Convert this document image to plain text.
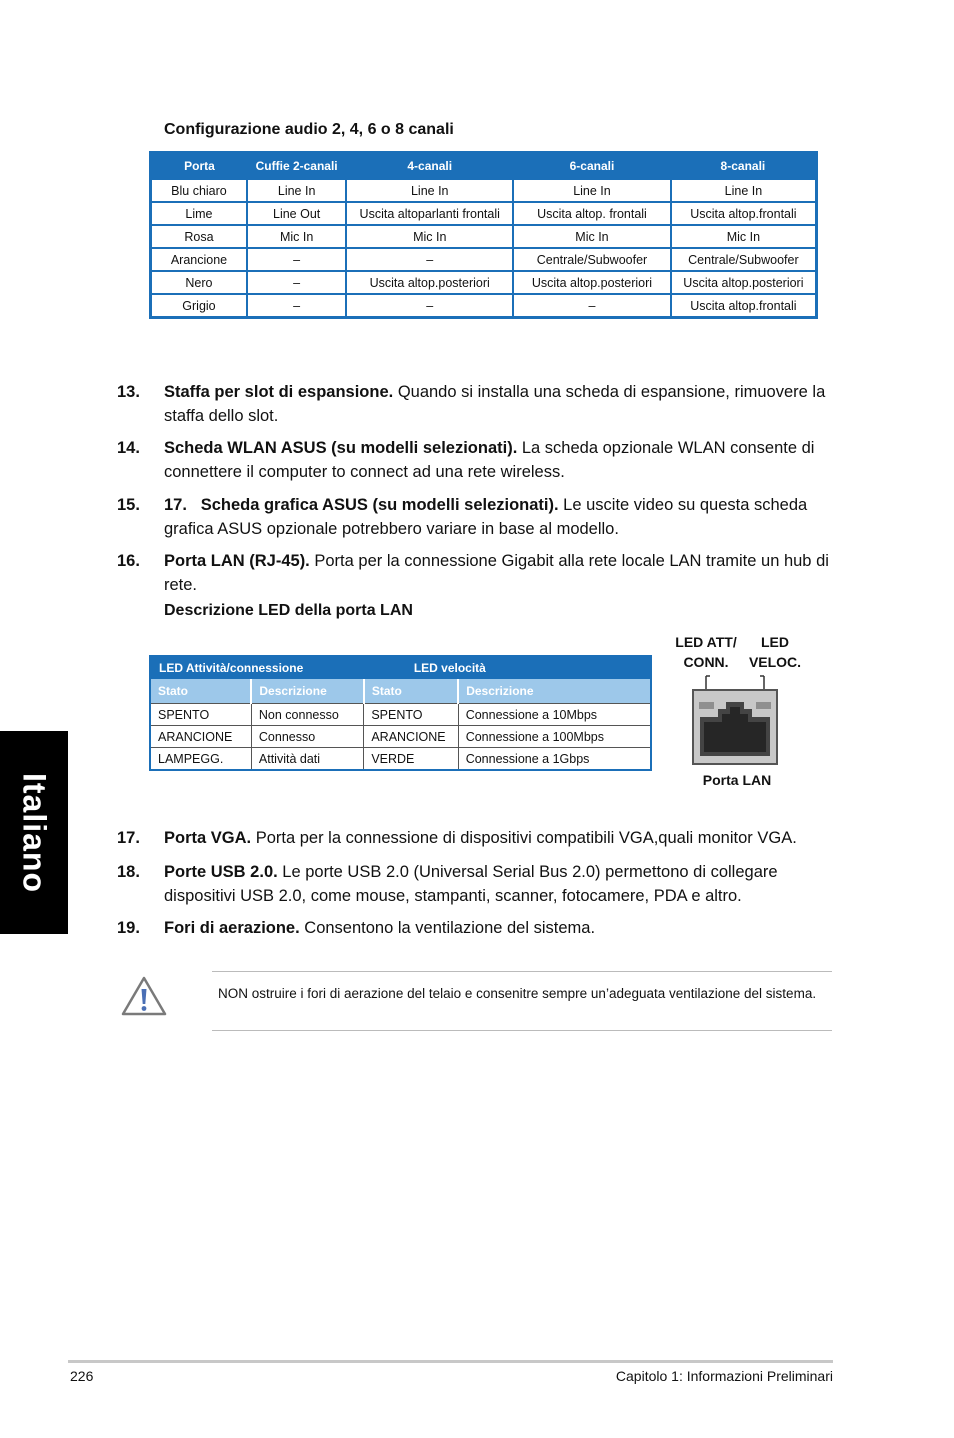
Italiano
Configurazione audio 2, 4, 6 o 8 canali
Porta	Cuffie 2-canali	4-canali	6-canali	8-canali
Blu chiaro	Line In	Line In	Line In	Line In
Lime	Line Out	Uscita altoparlanti frontali	Uscita altop. frontali	Uscita altop.frontali
Rosa	Mic In	Mic In	Mic In	Mic In
Arancione	–	–	Centrale/Subwoofer	Centrale/Subwoofer
Nero	–	Uscita altop.posteriori	Uscita altop.posteriori	Uscita altop.posteriori
Grigio	–	–	–	Uscita altop.frontali
13. Staffa per slot di espansione. Quando si installa una scheda di espansione, rimuovere la staffa dello slot.
14. Scheda WLAN ASUS (su modelli selezionati). La scheda opzionale WLAN consente di connettere il computer to connect ad una rete wireless.
15. 17.   Scheda grafica ASUS (su modelli selezionati). Le uscite video su questa scheda grafica ASUS opzionale potrebbero variare in base al modello.
16. Porta LAN (RJ-45). Porta per la connessione Gigabit alla rete locale LAN tramite un hub di rete.
Descrizione LED della porta LAN
LED Attività/connessione		LED velocità	
Stato	Descrizione	Stato	Descrizione
SPENTO	Non connesso	SPENTO	Connessione a 10Mbps
ARANCIONE	Connesso	ARANCIONE	Connessione a 100Mbps
LAMPEGG.	Attività dati	VERDE	Connessione a 1Gbps
LED ATT/
CONN.
LED
VELOC.
Porta LAN
17. Porta VGA. Porta per la connessione di dispositivi compatibili VGA,quali monitor VGA.
18. Porte USB 2.0. Le porte USB 2.0 (Universal Serial Bus 2.0) permettono di collegare dispositivi USB 2.0, come mouse, stampanti, scanner, fotocamere, PDA e altro.
19. Fori di aerazione. Consentono la ventilazione del sistema.
NON ostruire i fori di aerazione del telaio e consenitre sempre un’adeguata ventilazione del sistema.
226	Capitolo 1: Informazioni Preliminari
